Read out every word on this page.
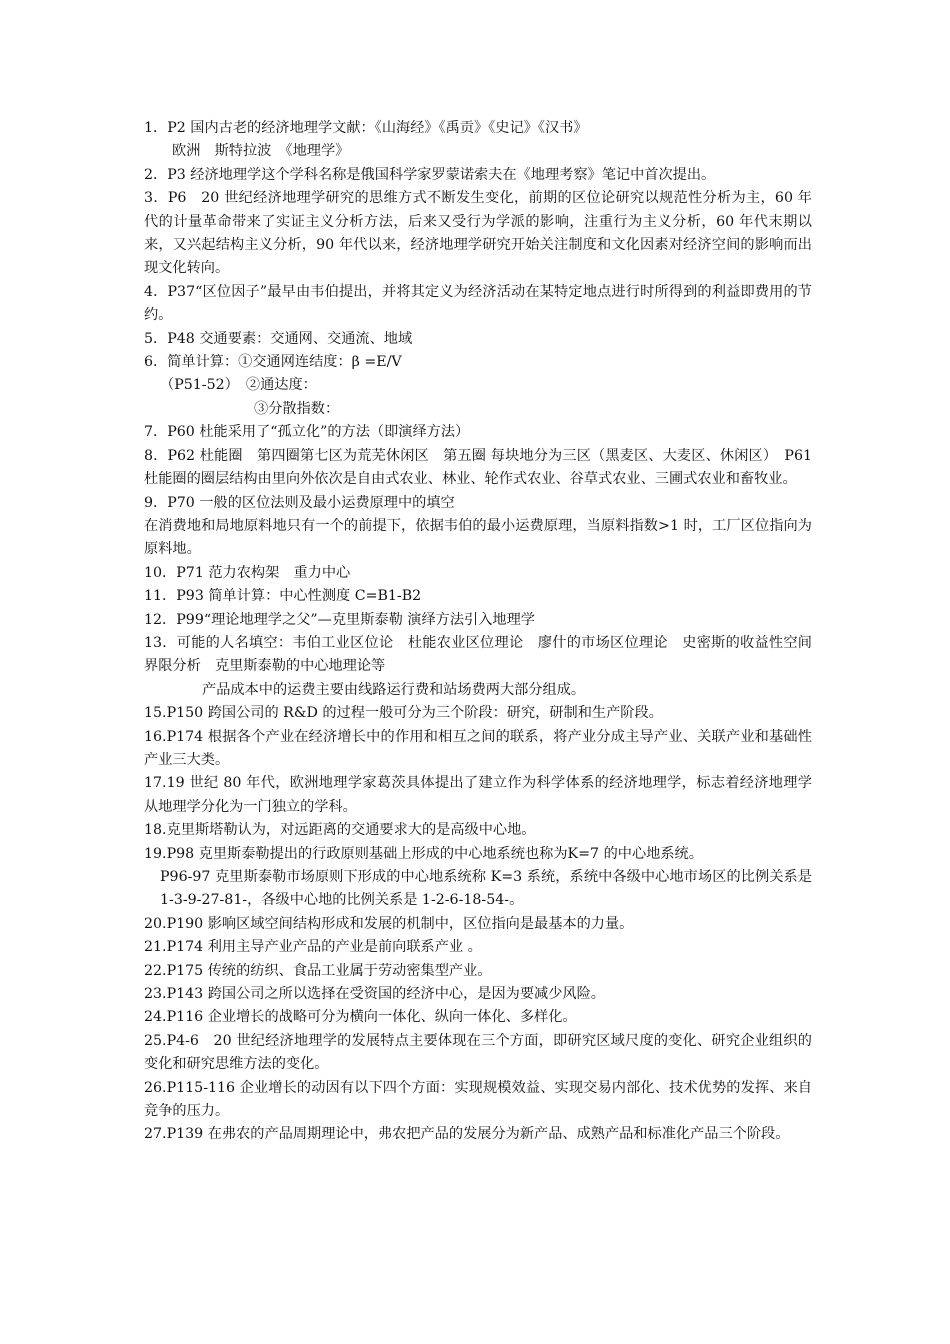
1．P2 国内古老的经济地理学文献：《山海经》《禹贡》《史记》《汉书》

欧洲　斯特拉波　《地理学》

2．P3 经济地理学这个学科名称是俄国科学家罗蒙诺索夫在《地理考察》笔记中首次提出。

3．P6　20 世纪经济地理学研究的思维方式不断发生变化，前期的区位论研究以规范性分析为主，60 年代的计量革命带来了实证主义分析方法，后来又受行为学派的影响，注重行为主义分析，60 年代末期以来，又兴起结构主义分析，90 年代以来，经济地理学研究开始关注制度和文化因素对经济空间的影响而出现文化转向。

4．P37“区位因子”最早由韦伯提出，并将其定义为经济活动在某特定地点进行时所得到的利益即费用的节约。

5．P48 交通要素：交通网、交通流、地域

6．简单计算：①交通网连结度：β =E/V

（P51-52）　②通达度：

③分散指数：

7．P60 杜能采用了“孤立化”的方法（即演绎方法）

8．P62 杜能圈　第四圈第七区为荒芜休闲区　第五圈 每块地分为三区（黑麦区、大麦区、休闲区）　P61 杜能圈的圈层结构由里向外依次是自由式农业、林业、轮作式农业、谷草式农业、三圃式农业和畜牧业。

9．P70 一般的区位法则及最小运费原理中的填空

在消费地和局地原料地只有一个的前提下，依据韦伯的最小运费原理，当原料指数>1 时，工厂区位指向为原料地。

10．P71 范力农构架　重力中心

11．P93 简单计算：中心性测度 C=B1-B2

12．P99“理论地理学之父”—克里斯泰勒 演绎方法引入地理学

13．可能的人名填空：韦伯工业区位论　杜能农业区位理论　廖什的市场区位理论　史密斯的收益性空间界限分析　克里斯泰勒的中心地理论等

产品成本中的运费主要由线路运行费和站场费两大部分组成。

15.P150 跨国公司的 R&D 的过程一般可分为三个阶段：研究，研制和生产阶段。

16.P174 根据各个产业在经济增长中的作用和相互之间的联系，将产业分成主导产业、关联产业和基础性产业三大类。

17.19 世纪 80 年代，欧洲地理学家葛茨具体提出了建立作为科学体系的经济地理学，标志着经济地理学从地理学分化为一门独立的学科。

18.克里斯塔勒认为，对远距离的交通要求大的是高级中心地。

19.P98 克里斯泰勒提出的行政原则基础上形成的中心地系统也称为K=7 的中心地系统。

P96-97 克里斯泰勒市场原则下形成的中心地系统称 K=3 系统，系统中各级中心地市场区的比例关系是 1-3-9-27-81-，各级中心地的比例关系是 1-2-6-18-54-。

20.P190 影响区域空间结构形成和发展的机制中，区位指向是最基本的力量。

21.P174 利用主导产业产品的产业是前向联系产业 。

22.P175 传统的纺织、食品工业属于劳动密集型产业。

23.P143 跨国公司之所以选择在受资国的经济中心，是因为要减少风险。

24.P116 企业增长的战略可分为横向一体化、纵向一体化、多样化。

25.P4-6　20 世纪经济地理学的发展特点主要体现在三个方面，即研究区域尺度的变化、研究企业组织的变化和研究思维方法的变化。

26.P115-116 企业增长的动因有以下四个方面：实现规模效益、实现交易内部化、技术优势的发挥、来自竞争的压力。

27.P139 在弗农的产品周期理论中，弗农把产品的发展分为新产品、成熟产品和标准化产品三个阶段。
